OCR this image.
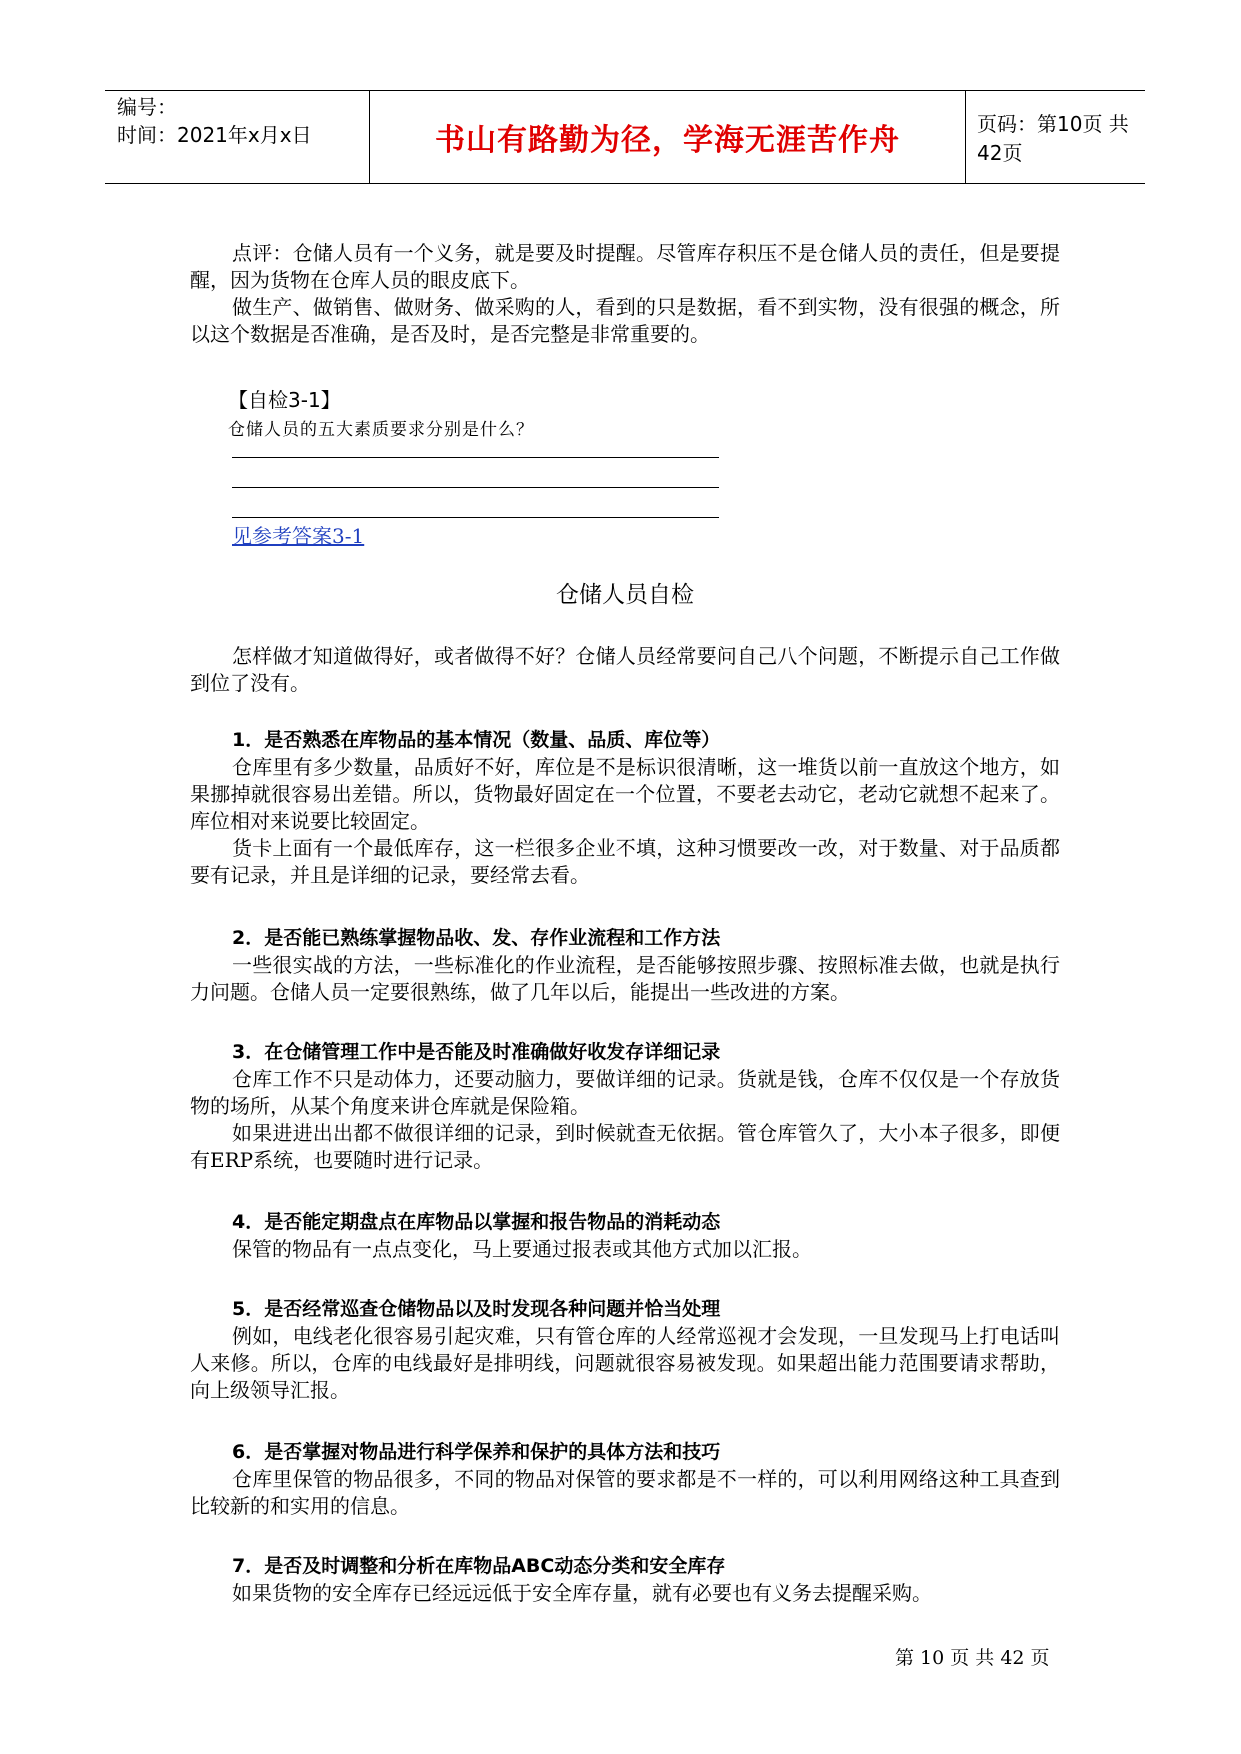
编号：
时间：2021年x月x日	书山有路勤为径，学海无涯苦作舟	页码：第10页 共42页

点评：仓储人员有一个义务，就是要及时提醒。尽管库存积压不是仓储人员的责任，但是要提醒，因为货物在仓库人员的眼皮底下。

做生产、做销售、做财务、做采购的人，看到的只是数据，看不到实物，没有很强的概念，所以这个数据是否准确，是否及时，是否完整是非常重要的。

【自检3-1】
仓储人员的五大素质要求分别是什么？
见参考答案3-1
仓储人员自检

怎样做才知道做得好，或者做得不好？仓储人员经常要问自己八个问题，不断提示自己工作做到位了没有。

1．是否熟悉在库物品的基本情况（数量、品质、库位等）

仓库里有多少数量，品质好不好，库位是不是标识很清晰，这一堆货以前一直放这个地方，如果挪掉就很容易出差错。所以，货物最好固定在一个位置，不要老去动它，老动它就想不起来了。库位相对来说要比较固定。

货卡上面有一个最低库存，这一栏很多企业不填，这种习惯要改一改，对于数量、对于品质都要有记录，并且是详细的记录，要经常去看。

2．是否能已熟练掌握物品收、发、存作业流程和工作方法

一些很实战的方法，一些标准化的作业流程，是否能够按照步骤、按照标准去做，也就是执行力问题。仓储人员一定要很熟练，做了几年以后，能提出一些改进的方案。

3．在仓储管理工作中是否能及时准确做好收发存详细记录

仓库工作不只是动体力，还要动脑力，要做详细的记录。货就是钱，仓库不仅仅是一个存放货物的场所，从某个角度来讲仓库就是保险箱。

如果进进出出都不做很详细的记录，到时候就查无依据。管仓库管久了，大小本子很多，即便有ERP系统，也要随时进行记录。

4．是否能定期盘点在库物品以掌握和报告物品的消耗动态

保管的物品有一点点变化，马上要通过报表或其他方式加以汇报。

5．是否经常巡查仓储物品以及时发现各种问题并恰当处理

例如，电线老化很容易引起灾难，只有管仓库的人经常巡视才会发现，一旦发现马上打电话叫人来修。所以，仓库的电线最好是排明线，问题就很容易被发现。如果超出能力范围要请求帮助，向上级领导汇报。

6．是否掌握对物品进行科学保养和保护的具体方法和技巧

仓库里保管的物品很多，不同的物品对保管的要求都是不一样的，可以利用网络这种工具查到比较新的和实用的信息。

7．是否及时调整和分析在库物品ABC动态分类和安全库存

如果货物的安全库存已经远远低于安全库存量，就有必要也有义务去提醒采购。

第 10 页 共 42 页
